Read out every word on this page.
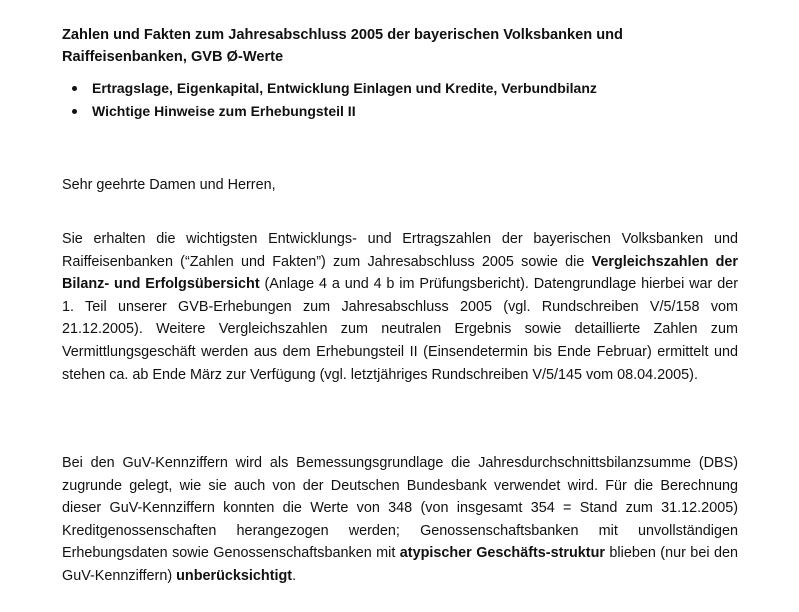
Zahlen und Fakten zum Jahresabschluss 2005 der bayerischen Volksbanken und
Raiffeisenbanken, GVB Ø-Werte
Ertragslage, Eigenkapital, Entwicklung Einlagen und Kredite, Verbundbilanz
Wichtige Hinweise zum Erhebungsteil II
Sehr geehrte Damen und Herren,
Sie erhalten die wichtigsten Entwicklungs- und Ertragszahlen der bayerischen Volksbanken und Raiffeisenbanken (“Zahlen und Fakten”) zum Jahresabschluss 2005 sowie die Vergleichszahlen der Bilanz- und Erfolgsübersicht (Anlage 4 a und 4 b im Prüfungsbericht). Datengrundlage hierbei war der 1. Teil unserer GVB-Erhebungen zum Jahresabschluss 2005 (vgl. Rundschreiben V/5/158 vom 21.12.2005). Weitere Vergleichszahlen zum neutralen Ergebnis sowie detaillierte Zahlen zum Vermittlungsgeschäft werden aus dem Erhebungsteil II (Einsendetermin bis Ende Februar) ermittelt und stehen ca. ab Ende März zur Verfügung (vgl. letztjähriges Rundschreiben V/5/145 vom 08.04.2005).
Bei den GuV-Kennziffern wird als Bemessungsgrundlage die Jahresdurchschnittsbilanzsumme (DBS) zugrunde gelegt, wie sie auch von der Deutschen Bundesbank verwendet wird. Für die Berechnung dieser GuV-Kennziffern konnten die Werte von 348 (von insgesamt 354 = Stand zum 31.12.2005) Kreditgenossenschaften herangezogen werden; Genossenschaftsbanken mit unvollständigen Erhebungsdaten sowie Genossenschaftsbanken mit atypischer Geschäfts-struktur blieben (nur bei den GuV-Kennziffern) unberücksichtigt.
